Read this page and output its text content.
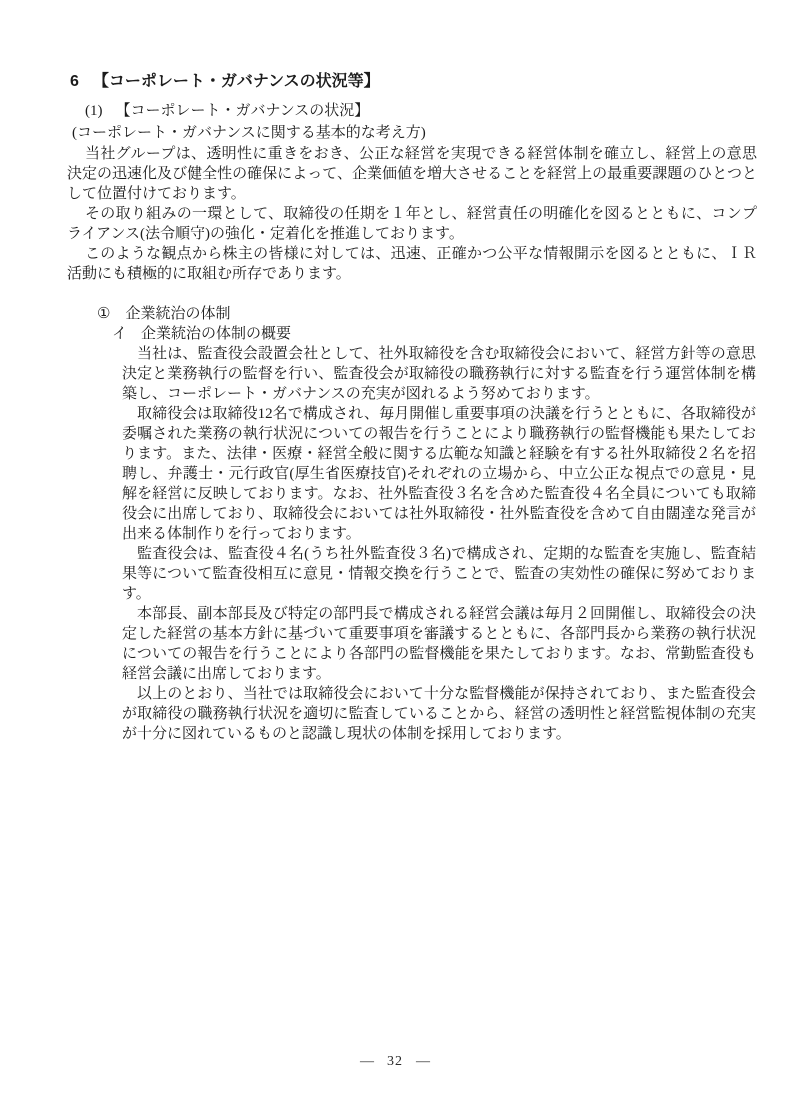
6 【コーポレート・ガバナンスの状況等】
(1) 【コーポレート・ガバナンスの状況】
(コーポレート・ガバナンスに関する基本的な考え方)

当社グループは、透明性に重きをおき、公正な経営を実現できる経営体制を確立し、経営上の意思決定の迅速化及び健全性の確保によって、企業価値を増大させることを経営上の最重要課題のひとつとして位置付けております。

その取り組みの一環として、取締役の任期を１年とし、経営責任の明確化を図るとともに、コンプライアンス(法令順守)の強化・定着化を推進しております。

このような観点から株主の皆様に対しては、迅速、正確かつ公平な情報開示を図るとともに、ＩＲ活動にも積極的に取組む所存であります。

① 企業統治の体制
イ 企業統治の体制の概要

当社は、監査役会設置会社として、社外取締役を含む取締役会において、経営方針等の意思決定と業務執行の監督を行い、監査役会が取締役の職務執行に対する監査を行う運営体制を構築し、コーポレート・ガバナンスの充実が図れるよう努めております。

取締役会は取締役12名で構成され、毎月開催し重要事項の決議を行うとともに、各取締役が委嘱された業務の執行状況についての報告を行うことにより職務執行の監督機能も果たしております。また、法律・医療・経営全般に関する広範な知識と経験を有する社外取締役２名を招聘し、弁護士・元行政官(厚生省医療技官)それぞれの立場から、中立公正な視点での意見・見解を経営に反映しております。なお、社外監査役３名を含めた監査役４名全員についても取締役会に出席しており、取締役会においては社外取締役・社外監査役を含めて自由闊達な発言が出来る体制作りを行っております。

監査役会は、監査役４名(うち社外監査役３名)で構成され、定期的な監査を実施し、監査結果等について監査役相互に意見・情報交換を行うことで、監査の実効性の確保に努めております。

本部長、副本部長及び特定の部門長で構成される経営会議は毎月２回開催し、取締役会の決定した経営の基本方針に基づいて重要事項を審議するとともに、各部門長から業務の執行状況についての報告を行うことにより各部門の監督機能を果たしております。なお、常勤監査役も経営会議に出席しております。

以上のとおり、当社では取締役会において十分な監督機能が保持されており、また監査役会が取締役の職務執行状況を適切に監査していることから、経営の透明性と経営監視体制の充実が十分に図れているものと認識し現状の体制を採用しております。

― 32 ―
